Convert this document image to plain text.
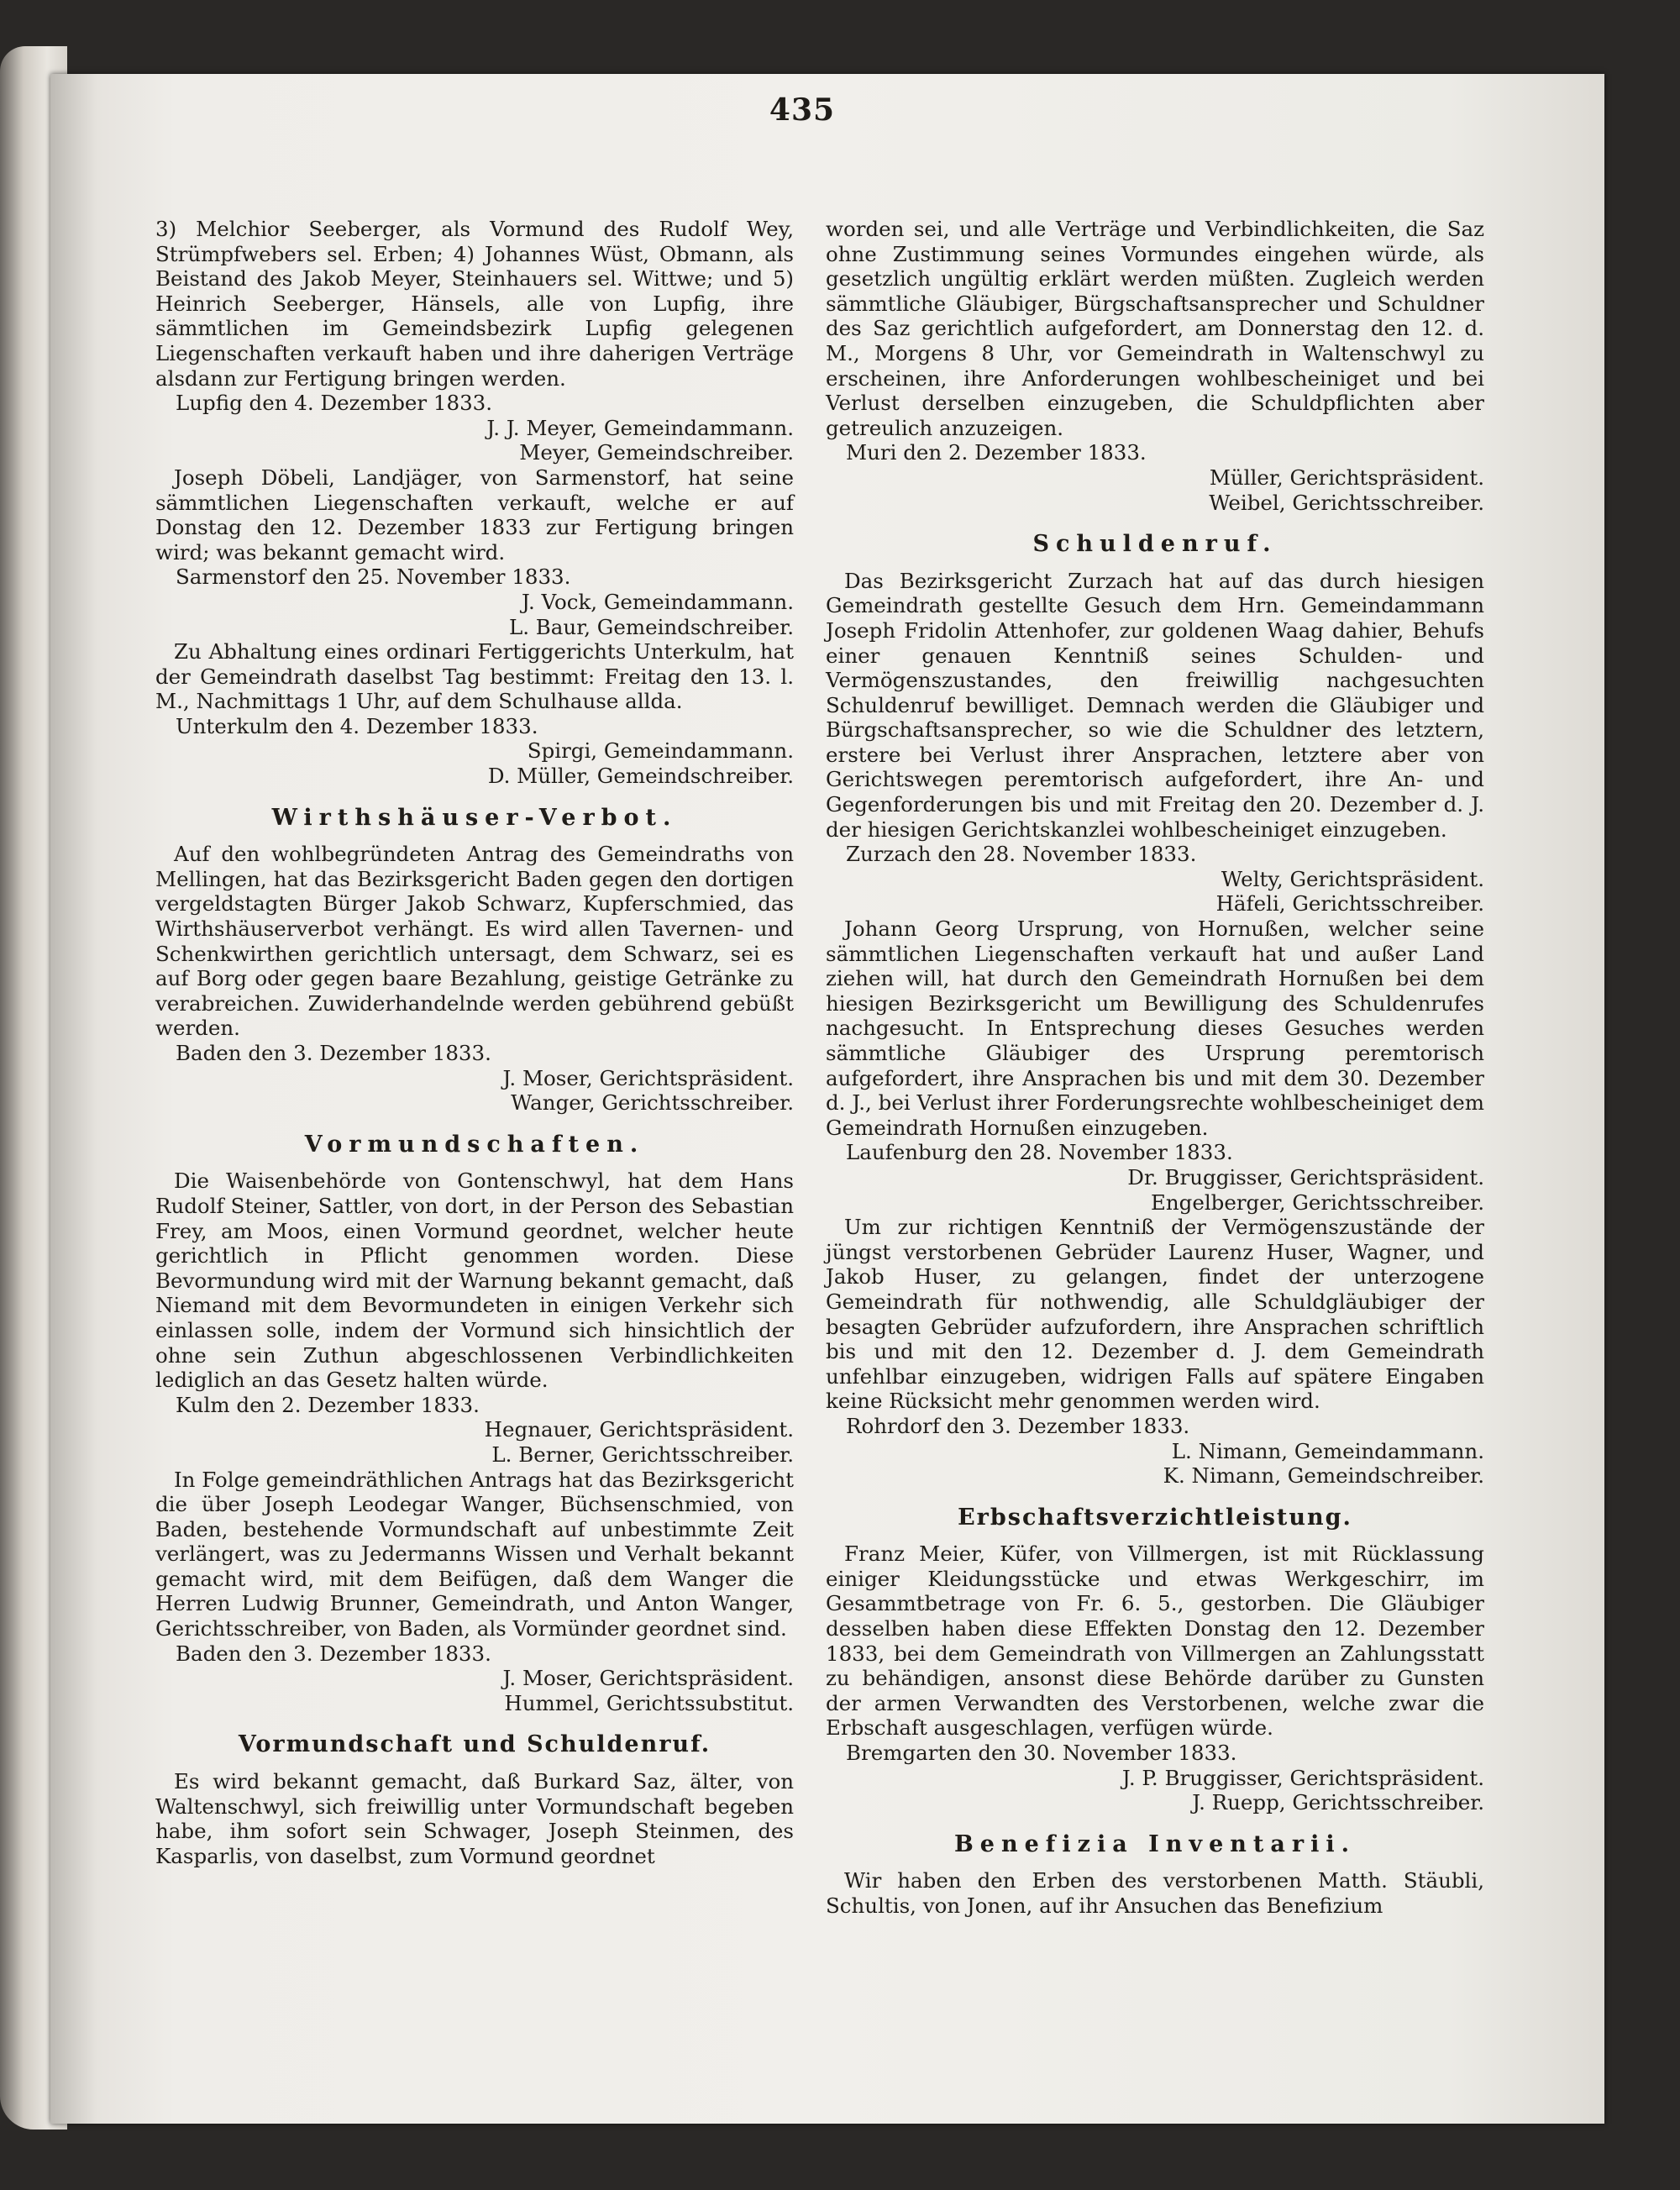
435

3) Melchior Seeberger, als Vormund des Rudolf Wey, Strümpfwebers sel. Erben; 4) Johannes Wüst, Obmann, als Beistand des Jakob Meyer, Steinhauers sel. Wittwe; und 5) Heinrich Seeberger, Hänsels, alle von Lupfig, ihre sämmtlichen im Gemeindsbezirk Lupfig gelegenen Liegenschaften verkauft haben und ihre daherigen Verträge alsdann zur Fertigung bringen werden.

Lupfig den 4. Dezember 1833.

J. J. Meyer, Gemeindammann.

Meyer, Gemeindschreiber.

Joseph Döbeli, Landjäger, von Sarmenstorf, hat seine sämmtlichen Liegenschaften verkauft, welche er auf Donstag den 12. Dezember 1833 zur Fertigung bringen wird; was bekannt gemacht wird.

Sarmenstorf den 25. November 1833.

J. Vock, Gemeindammann.

L. Baur, Gemeindschreiber.

Zu Abhaltung eines ordinari Fertiggerichts Unterkulm, hat der Gemeindrath daselbst Tag bestimmt: Freitag den 13. l. M., Nachmittags 1 Uhr, auf dem Schulhause allda.

Unterkulm den 4. Dezember 1833.

Spirgi, Gemeindammann.

D. Müller, Gemeindschreiber.

Wirthshäuser-Verbot.

Auf den wohlbegründeten Antrag des Gemeindraths von Mellingen, hat das Bezirksgericht Baden gegen den dortigen vergeldstagten Bürger Jakob Schwarz, Kupferschmied, das Wirthshäuserverbot verhängt. Es wird allen Tavernen- und Schenkwirthen gerichtlich untersagt, dem Schwarz, sei es auf Borg oder gegen baare Bezahlung, geistige Getränke zu verabreichen. Zuwiderhandelnde werden gebührend gebüßt werden.

Baden den 3. Dezember 1833.

J. Moser, Gerichtspräsident.

Wanger, Gerichtsschreiber.

Vormundschaften.

Die Waisenbehörde von Gontenschwyl, hat dem Hans Rudolf Steiner, Sattler, von dort, in der Person des Sebastian Frey, am Moos, einen Vormund geordnet, welcher heute gerichtlich in Pflicht genommen worden. Diese Bevormundung wird mit der Warnung bekannt gemacht, daß Niemand mit dem Bevormundeten in einigen Verkehr sich einlassen solle, indem der Vormund sich hinsichtlich der ohne sein Zuthun abgeschlossenen Verbindlichkeiten lediglich an das Gesetz halten würde.

Kulm den 2. Dezember 1833.

Hegnauer, Gerichtspräsident.

L. Berner, Gerichtsschreiber.

In Folge gemeindräthlichen Antrags hat das Bezirksgericht die über Joseph Leodegar Wanger, Büchsenschmied, von Baden, bestehende Vormundschaft auf unbestimmte Zeit verlängert, was zu Jedermanns Wissen und Verhalt bekannt gemacht wird, mit dem Beifügen, daß dem Wanger die Herren Ludwig Brunner, Gemeindrath, und Anton Wanger, Gerichtsschreiber, von Baden, als Vormünder geordnet sind.

Baden den 3. Dezember 1833.

J. Moser, Gerichtspräsident.

Hummel, Gerichtssubstitut.

Vormundschaft und Schuldenruf.

Es wird bekannt gemacht, daß Burkard Saz, älter, von Waltenschwyl, sich freiwillig unter Vormundschaft begeben habe, ihm sofort sein Schwager, Joseph Steinmen, des Kasparlis, von daselbst, zum Vormund geordnet

worden sei, und alle Verträge und Verbindlichkeiten, die Saz ohne Zustimmung seines Vormundes eingehen würde, als gesetzlich ungültig erklärt werden müßten. Zugleich werden sämmtliche Gläubiger, Bürgschaftsansprecher und Schuldner des Saz gerichtlich aufgefordert, am Donnerstag den 12. d. M., Morgens 8 Uhr, vor Gemeindrath in Waltenschwyl zu erscheinen, ihre Anforderungen wohlbescheiniget und bei Verlust derselben einzugeben, die Schuldpflichten aber getreulich anzuzeigen.

Muri den 2. Dezember 1833.

Müller, Gerichtspräsident.

Weibel, Gerichtsschreiber.

Schuldenruf.

Das Bezirksgericht Zurzach hat auf das durch hiesigen Gemeindrath gestellte Gesuch dem Hrn. Gemeindammann Joseph Fridolin Attenhofer, zur goldenen Waag dahier, Behufs einer genauen Kenntniß seines Schulden- und Vermögenszustandes, den freiwillig nachgesuchten Schuldenruf bewilliget. Demnach werden die Gläubiger und Bürgschaftsansprecher, so wie die Schuldner des letztern, erstere bei Verlust ihrer Ansprachen, letztere aber von Gerichtswegen peremtorisch aufgefordert, ihre An- und Gegenforderungen bis und mit Freitag den 20. Dezember d. J. der hiesigen Gerichtskanzlei wohlbescheiniget einzugeben.

Zurzach den 28. November 1833.

Welty, Gerichtspräsident.

Häfeli, Gerichtsschreiber.

Johann Georg Ursprung, von Hornußen, welcher seine sämmtlichen Liegenschaften verkauft hat und außer Land ziehen will, hat durch den Gemeindrath Hornußen bei dem hiesigen Bezirksgericht um Bewilligung des Schuldenrufes nachgesucht. In Entsprechung dieses Gesuches werden sämmtliche Gläubiger des Ursprung peremtorisch aufgefordert, ihre Ansprachen bis und mit dem 30. Dezember d. J., bei Verlust ihrer Forderungsrechte wohlbescheiniget dem Gemeindrath Hornußen einzugeben.

Laufenburg den 28. November 1833.

Dr. Bruggisser, Gerichtspräsident.

Engelberger, Gerichtsschreiber.

Um zur richtigen Kenntniß der Vermögenszustände der jüngst verstorbenen Gebrüder Laurenz Huser, Wagner, und Jakob Huser, zu gelangen, findet der unterzogene Gemeindrath für nothwendig, alle Schuldgläubiger der besagten Gebrüder aufzufordern, ihre Ansprachen schriftlich bis und mit den 12. Dezember d. J. dem Gemeindrath unfehlbar einzugeben, widrigen Falls auf spätere Eingaben keine Rücksicht mehr genommen werden wird.

Rohrdorf den 3. Dezember 1833.

L. Nimann, Gemeindammann.

K. Nimann, Gemeindschreiber.

Erbschaftsverzichtleistung.

Franz Meier, Küfer, von Villmergen, ist mit Rücklassung einiger Kleidungsstücke und etwas Werkgeschirr, im Gesammtbetrage von Fr. 6. 5., gestorben. Die Gläubiger desselben haben diese Effekten Donstag den 12. Dezember 1833, bei dem Gemeindrath von Villmergen an Zahlungsstatt zu behändigen, ansonst diese Behörde darüber zu Gunsten der armen Verwandten des Verstorbenen, welche zwar die Erbschaft ausgeschlagen, verfügen würde.

Bremgarten den 30. November 1833.

J. P. Bruggisser, Gerichtspräsident.

J. Ruepp, Gerichtsschreiber.

Benefizia Inventarii.

Wir haben den Erben des verstorbenen Matth. Stäubli, Schultis, von Jonen, auf ihr Ansuchen das Benefizium
